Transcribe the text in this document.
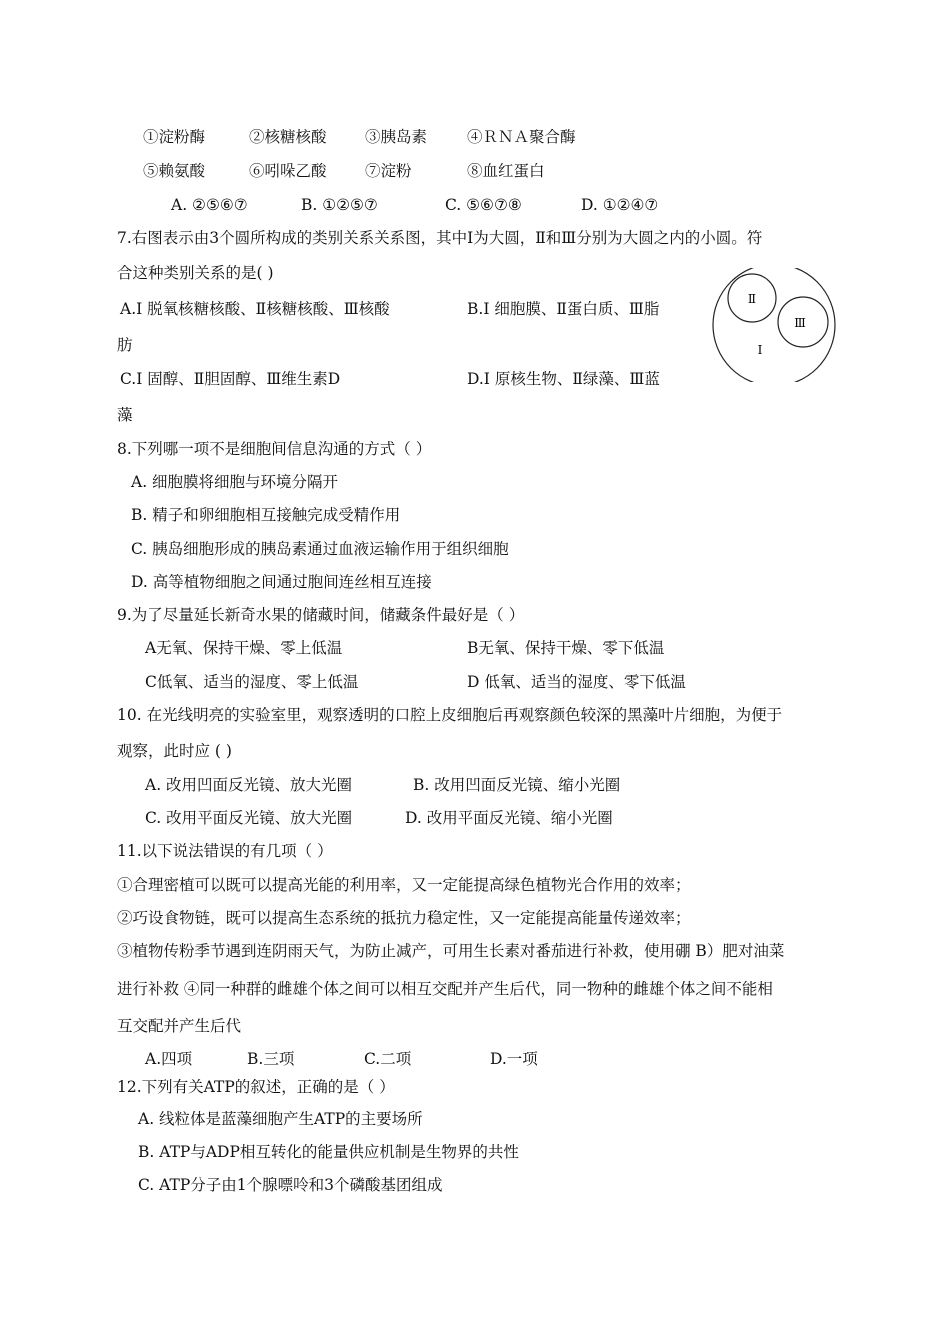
①淀粉酶	②核糖核酸 ③胰岛素	④ＲＮＡ聚合酶
⑤赖氨酸	⑥吲哚乙酸 ⑦淀粉	⑧血红蛋白
A. ②⑤⑥⑦	B. ①②⑤⑦	C. ⑤⑥⑦⑧	D. ①②④⑦
7.右图表示由3个圆所构成的类别关系关系图，其中Ⅰ为大圆，Ⅱ和Ⅲ分别为大圆之内的小圆。符
合这种类别关系的是( )
A.Ⅰ 脱氧核糖核酸、Ⅱ核糖核酸、Ⅲ核酸	B.Ⅰ 细胞膜、Ⅱ蛋白质、Ⅲ脂
肪
C.Ⅰ 固醇、Ⅱ胆固醇、Ⅲ维生素D	D.Ⅰ 原核生物、Ⅱ绿藻、Ⅲ蓝
藻
Ⅱ
Ⅲ
Ⅰ
8.下列哪一项不是细胞间信息沟通的方式（ ）
A. 细胞膜将细胞与环境分隔开
B. 精子和卵细胞相互接触完成受精作用
C. 胰岛细胞形成的胰岛素通过血液运输作用于组织细胞
D. 高等植物细胞之间通过胞间连丝相互连接
9.为了尽量延长新奇水果的储藏时间，储藏条件最好是（ ）
A无氧、保持干燥、零上低温	B无氧、保持干燥、零下低温
C低氧、适当的湿度、零上低温	D 低氧、适当的湿度、零下低温
10. 在光线明亮的实验室里，观察透明的口腔上皮细胞后再观察颜色较深的黑藻叶片细胞，为便于
观察，此时应 ( )
A. 改用凹面反光镜、放大光圈	B. 改用凹面反光镜、缩小光圈
C. 改用平面反光镜、放大光圈	D. 改用平面反光镜、缩小光圈
11.以下说法错误的有几项（ ）
①合理密植可以既可以提高光能的利用率，又一定能提高绿色植物光合作用的效率；
②巧设食物链，既可以提高生态系统的抵抗力稳定性，又一定能提高能量传递效率；
③植物传粉季节遇到连阴雨天气，为防止减产，可用生长素对番茄进行补救，使用硼 B）肥对油菜
进行补救 ④同一种群的雌雄个体之间可以相互交配并产生后代，同一物种的雌雄个体之间不能相
互交配并产生后代
A.四项	B.三项	C.二项	D.一项
12.下列有关ATP的叙述，正确的是（ ）
A. 线粒体是蓝藻细胞产生ATP的主要场所
B. ATP与ADP相互转化的能量供应机制是生物界的共性
C. ATP分子由1个腺嘌呤和3个磷酸基团组成
